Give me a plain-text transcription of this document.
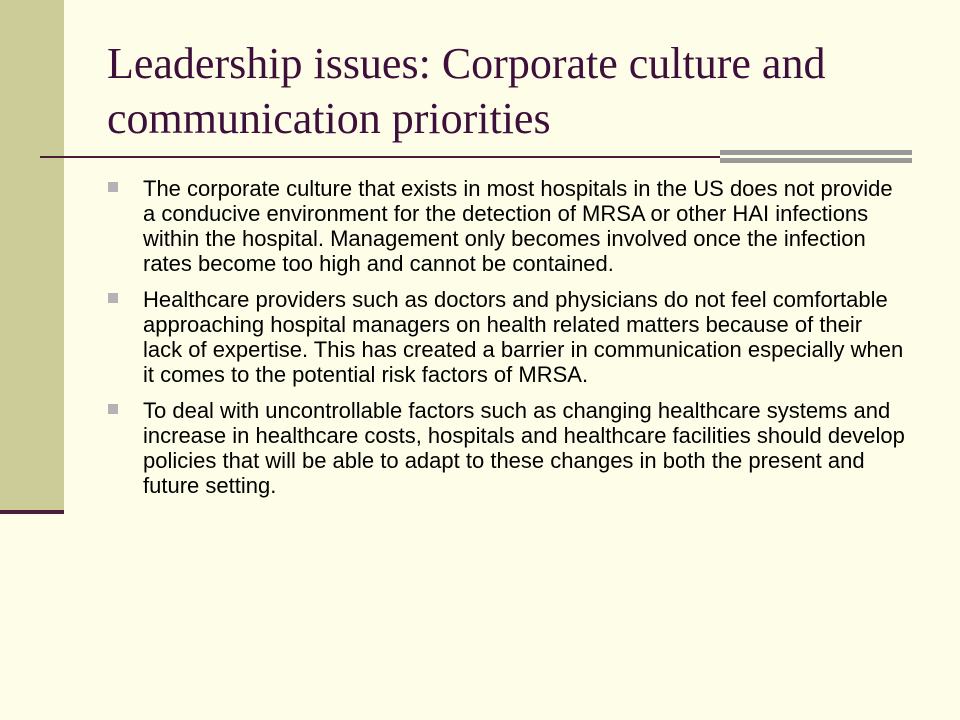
Leadership issues: Corporate culture and communication priorities
The corporate culture that exists in most hospitals in the US does not provide a conducive environment for the detection of MRSA or other HAI infections within the hospital. Management only becomes involved once the infection rates become too high and cannot be contained.
Healthcare providers such as doctors and physicians do not feel comfortable approaching hospital managers on health related matters because of their lack of expertise. This has created a barrier in communication especially when it comes to the potential risk factors of MRSA.
To deal with uncontrollable factors such as changing healthcare systems and increase in healthcare costs, hospitals and healthcare facilities should develop policies that will be able to adapt to these changes in both the present and future setting.
